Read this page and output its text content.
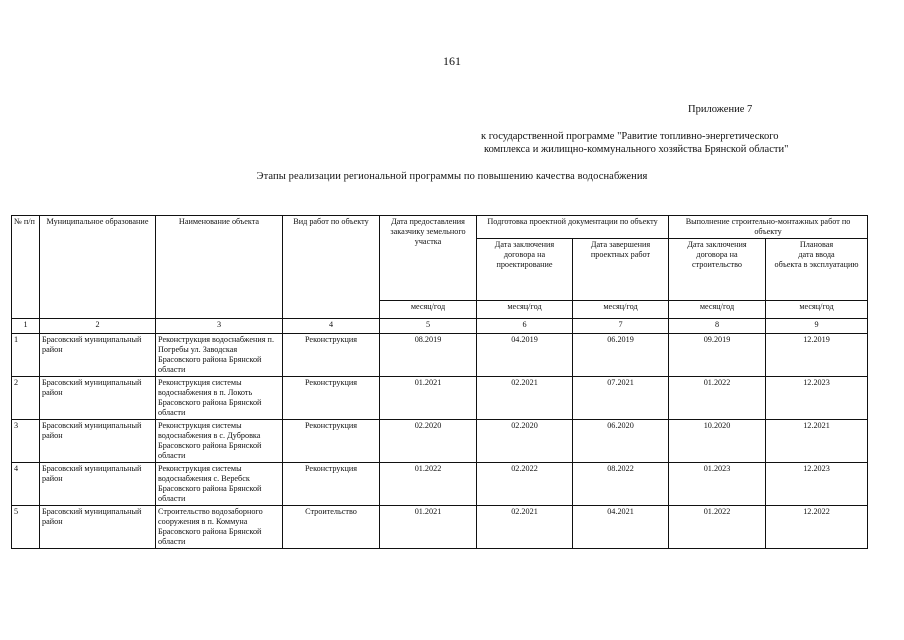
161
Приложение 7
к государственной программе "Равитие топливно-энергетического
комплекса и жилищно-коммунального хозяйства Брянской области"
Этапы реализации региональной программы по повышению качества водоснабжения
№ п/п	Муниципальное образование	Наименование объекта	Вид работ по объекту	Дата предоставления заказчику земельного участка	Подготовка проектной документации по объекту		Выполнение строительно-монтажных работ по объекту	
					Дата заключения договора на проектирование	Дата завершения проектных работ	Дата заключения договора на строительство	Плановая
дата ввода
объекта в эксплуатацию

				месяц/год	месяц/год	месяц/год	месяц/год	месяц/год
1	2	3	4	5	6	7	8	9
1	Брасовский муниципальный район	Реконструкция водоснабжения п. Погребы ул. Заводская Брасовского района Брянской области	Реконструкция	08.2019	04.2019	06.2019	09.2019	12.2019
2	Брасовский муниципальный район	Реконструкция системы водоснабжения в п. Локоть Брасовского района Брянской области	Реконструкция	01.2021	02.2021	07.2021	01.2022	12.2023
3	Брасовский муниципальный район	Реконструкция системы водоснабжения в с. Дубровка Брасовского района Брянской области	Реконструкция	02.2020	02.2020	06.2020	10.2020	12.2021
4	Брасовский муниципальный район	Реконструкция системы водоснабжения с. Веребск Брасовского района Брянской области	Реконструкция	01.2022	02.2022	08.2022	01.2023	12.2023
5	Брасовский муниципальный район	Строительство водозаборного сооружения в п. Коммуна Брасовского района Брянской области	Строительство	01.2021	02.2021	04.2021	01.2022	12.2022
